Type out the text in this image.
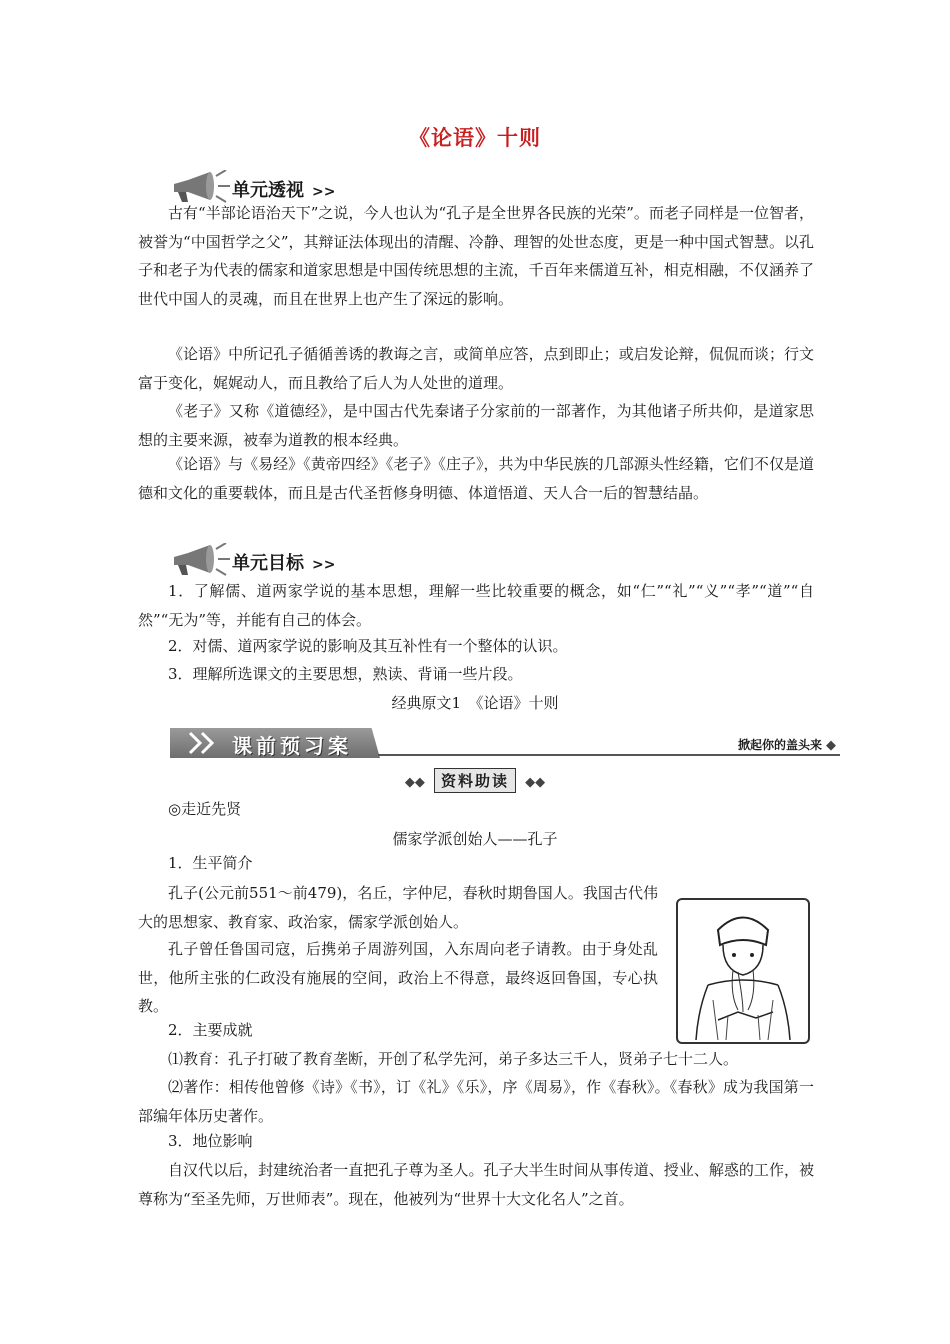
《论语》十则
单元透视 >>

古有“半部论语治天下”之说，今人也认为“孔子是全世界各民族的光荣”。而老子同样是一位智者，被誉为“中国哲学之父”，其辩证法体现出的清醒、冷静、理智的处世态度，更是一种中国式智慧。以孔子和老子为代表的儒家和道家思想是中国传统思想的主流，千百年来儒道互补，相克相融，不仅涵养了世代中国人的灵魂，而且在世界上也产生了深远的影响。

《论语》中所记孔子循循善诱的教诲之言，或简单应答，点到即止；或启发论辩，侃侃而谈；行文富于变化，娓娓动人，而且教给了后人为人处世的道理。

《老子》又称《道德经》，是中国古代先秦诸子分家前的一部著作，为其他诸子所共仰，是道家思想的主要来源，被奉为道教的根本经典。

《论语》与《易经》《黄帝四经》《老子》《庄子》，共为中华民族的几部源头性经籍，它们不仅是道德和文化的重要载体，而且是古代圣哲修身明德、体道悟道、天人合一后的智慧结晶。

单元目标 >>

1．了解儒、道两家学说的基本思想，理解一些比较重要的概念，如“仁”“礼”“义”“孝”“道”“自然”“无为”等，并能有自己的体会。

2．对儒、道两家学说的影响及其互补性有一个整体的认识。

3．理解所选课文的主要思想，熟读、背诵一些片段。

经典原文1　《论语》十则
课前预习案	掀起你的盖头来 ◆
◆◆ 资料助读 ◆◆
◎走近先贤
儒家学派创始人——孔子
1．生平简介

孔子(公元前551～前479)，名丘，字仲尼，春秋时期鲁国人。我国古代伟大的思想家、教育家、政治家，儒家学派创始人。

孔子曾任鲁国司寇，后携弟子周游列国，入东周向老子请教。由于身处乱世，他所主张的仁政没有施展的空间，政治上不得意，最终返回鲁国，专心执教。

2．主要成就

⑴教育：孔子打破了教育垄断，开创了私学先河，弟子多达三千人，贤弟子七十二人。

⑵著作：相传他曾修《诗》《书》，订《礼》《乐》，序《周易》，作《春秋》。《春秋》成为我国第一部编年体历史著作。

3．地位影响

自汉代以后，封建统治者一直把孔子尊为圣人。孔子大半生时间从事传道、授业、解惑的工作，被尊称为“至圣先师，万世师表”。现在，他被列为“世界十大文化名人”之首。
